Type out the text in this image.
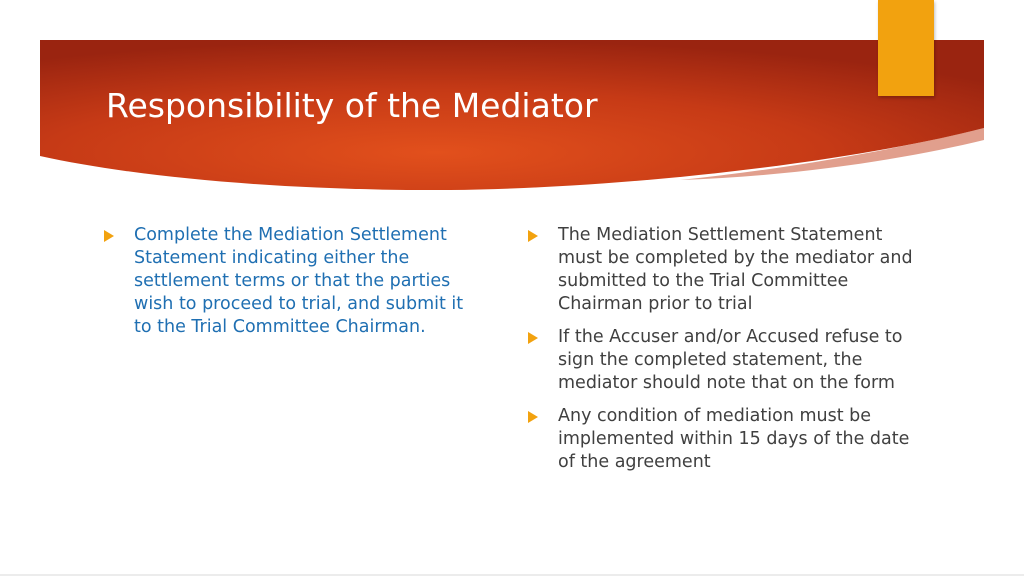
Responsibility of the Mediator
Complete the Mediation Settlement Statement indicating either the settlement terms or that the parties wish to proceed to trial, and submit it to the Trial Committee Chairman.
The Mediation Settlement Statement must be completed by the mediator and submitted to the Trial Committee Chairman prior to trial
If the Accuser and/or Accused refuse to sign the completed statement, the mediator should note that on the form
Any condition of mediation must be implemented within 15 days of the date of the agreement
